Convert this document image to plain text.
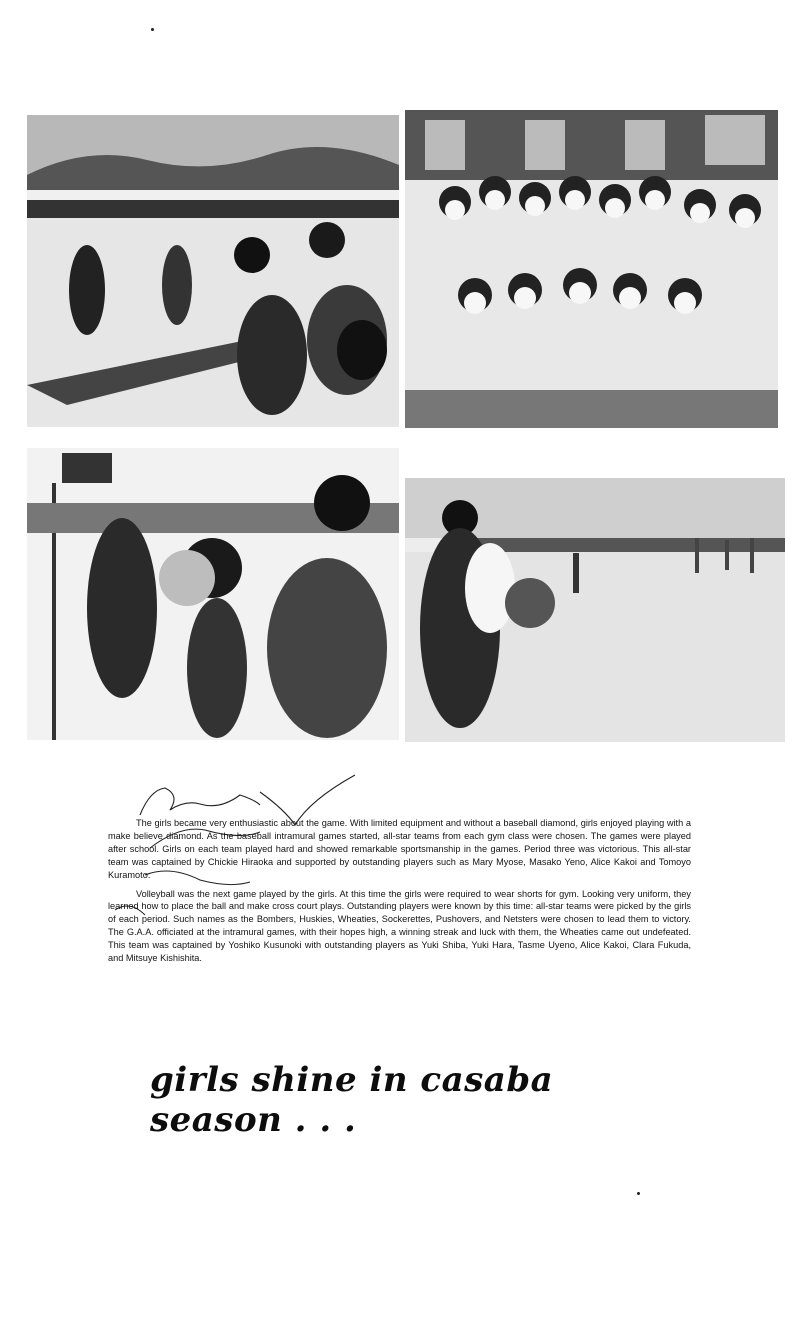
The girls became very enthusiastic about the game. With limited equipment and without a baseball diamond, girls enjoyed playing with a make believe diamond. As the baseball intramural games started, all-star teams from each gym class were chosen. The games were played after school. Girls on each team played hard and showed remarkable sportsmanship in the games. Period three was victorious. This all-star team was captained by Chickie Hiraoka and supported by outstanding players such as Mary Myose, Masako Yeno, Alice Kakoi and Tomoyo Kuramoto.

Volleyball was the next game played by the girls. At this time the girls were required to wear shorts for gym. Looking very uniform, they learned how to place the ball and make cross court plays. Outstanding players were known by this time: all-star teams were picked by the girls of each period. Such names as the Bombers, Huskies, Wheaties, Sockerettes, Pushovers, and Netsters were chosen to lead them to victory. The G.A.A. officiated at the intramural games, with their hopes high, a winning streak and luck with them, the Wheaties came out undefeated. This team was captained by Yoshiko Kusunoki with outstanding players as Yuki Shiba, Yuki Hara, Tasme Uyeno, Alice Kakoi, Clara Fukuda, and Mitsuye Kishishita.

girls shine in casaba season . . .
